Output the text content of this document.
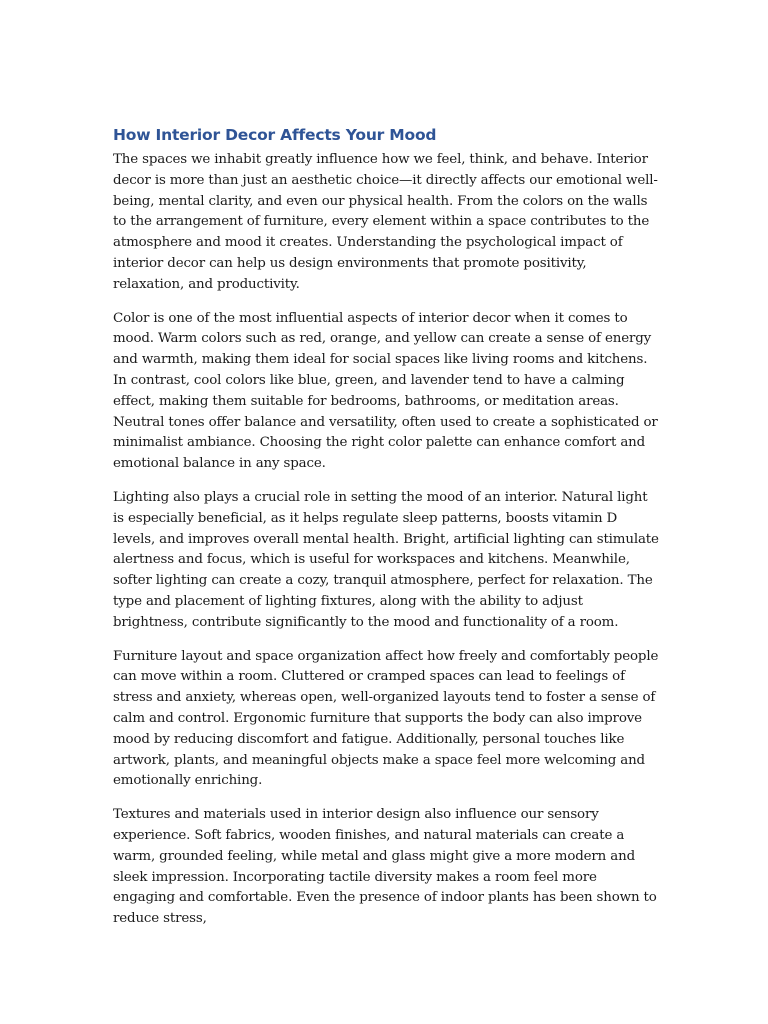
How Interior Decor Affects Your Mood

The spaces we inhabit greatly influence how we feel, think, and behave. Interior decor is more than just an aesthetic choice—it directly affects our emotional well-being, mental clarity, and even our physical health. From the colors on the walls to the arrangement of furniture, every element within a space contributes to the atmosphere and mood it creates. Understanding the psychological impact of interior decor can help us design environments that promote positivity, relaxation, and productivity.

Color is one of the most influential aspects of interior decor when it comes to mood. Warm colors such as red, orange, and yellow can create a sense of energy and warmth, making them ideal for social spaces like living rooms and kitchens. In contrast, cool colors like blue, green, and lavender tend to have a calming effect, making them suitable for bedrooms, bathrooms, or meditation areas. Neutral tones offer balance and versatility, often used to create a sophisticated or minimalist ambiance. Choosing the right color palette can enhance comfort and emotional balance in any space.

Lighting also plays a crucial role in setting the mood of an interior. Natural light is especially beneficial, as it helps regulate sleep patterns, boosts vitamin D levels, and improves overall mental health. Bright, artificial lighting can stimulate alertness and focus, which is useful for workspaces and kitchens. Meanwhile, softer lighting can create a cozy, tranquil atmosphere, perfect for relaxation. The type and placement of lighting fixtures, along with the ability to adjust brightness, contribute significantly to the mood and functionality of a room.

Furniture layout and space organization affect how freely and comfortably people can move within a room. Cluttered or cramped spaces can lead to feelings of stress and anxiety, whereas open, well-organized layouts tend to foster a sense of calm and control. Ergonomic furniture that supports the body can also improve mood by reducing discomfort and fatigue. Additionally, personal touches like artwork, plants, and meaningful objects make a space feel more welcoming and emotionally enriching.

Textures and materials used in interior design also influence our sensory experience. Soft fabrics, wooden finishes, and natural materials can create a warm, grounded feeling, while metal and glass might give a more modern and sleek impression. Incorporating tactile diversity makes a room feel more engaging and comfortable. Even the presence of indoor plants has been shown to reduce stress,
